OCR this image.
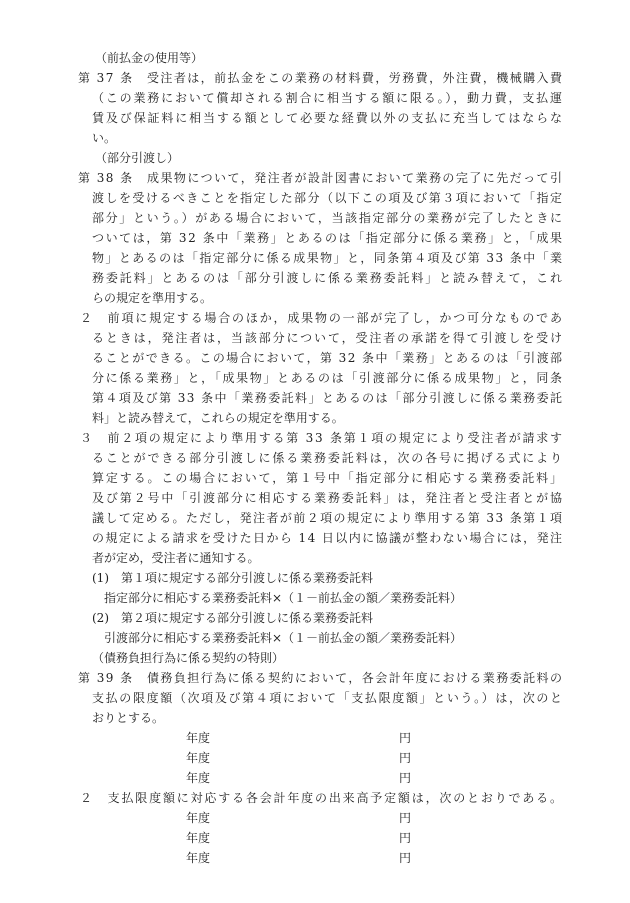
（前払金の使用等）
第 37 条　受注者は，前払金をこの業務の材料費，労務費，外注費，機械購入費
（この業務において償却される割合に相当する額に限る。），動力費，支払運
賃及び保証料に相当する額として必要な経費以外の支払に充当してはならな
い。
（部分引渡し）
第 38 条　成果物について，発注者が設計図書において業務の完了に先だって引
渡しを受けるべきことを指定した部分（以下この項及び第３項において「指定
部分」という。）がある場合において，当該指定部分の業務が完了したときに
ついては，第 32 条中「業務」とあるのは「指定部分に係る業務」と，「成果
物」とあるのは「指定部分に係る成果物」と，同条第４項及び第 33 条中「業
務委託料」とあるのは「部分引渡しに係る業務委託料」と読み替えて，これ
らの規定を準用する。
２　前項に規定する場合のほか，成果物の一部が完了し，かつ可分なものであ
るときは，発注者は，当該部分について，受注者の承諾を得て引渡しを受け
ることができる。この場合において，第 32 条中「業務」とあるのは「引渡部
分に係る業務」と，「成果物」とあるのは「引渡部分に係る成果物」と，同条
第４項及び第 33 条中「業務委託料」とあるのは「部分引渡しに係る業務委託
料」と読み替えて，これらの規定を準用する。
３　前２項の規定により準用する第 33 条第１項の規定により受注者が請求す
ることができる部分引渡しに係る業務委託料は，次の各号に掲げる式により
算定する。この場合において，第１号中「指定部分に相応する業務委託料」
及び第２号中「引渡部分に相応する業務委託料」は，発注者と受注者とが協
議して定める。ただし，発注者が前２項の規定により準用する第 33 条第１項
の規定による請求を受けた日から 14 日以内に協議が整わない場合には，発注
者が定め，受注者に通知する。
(1)　第１項に規定する部分引渡しに係る業務委託料
指定部分に相応する業務委託料×（１－前払金の額／業務委託料）
(2)　第２項に規定する部分引渡しに係る業務委託料
引渡部分に相応する業務委託料×（１－前払金の額／業務委託料）
（債務負担行為に係る契約の特則）
第 39 条　債務負担行為に係る契約において，各会計年度における業務委託料の
支払の限度額（次項及び第４項において「支払限度額」という。）は，次のと
おりとする。
２　支払限度額に対応する各会計年度の出来高予定額は，次のとおりである。
年度	円
年度	円
年度	円
年度	円
年度	円
年度	円
